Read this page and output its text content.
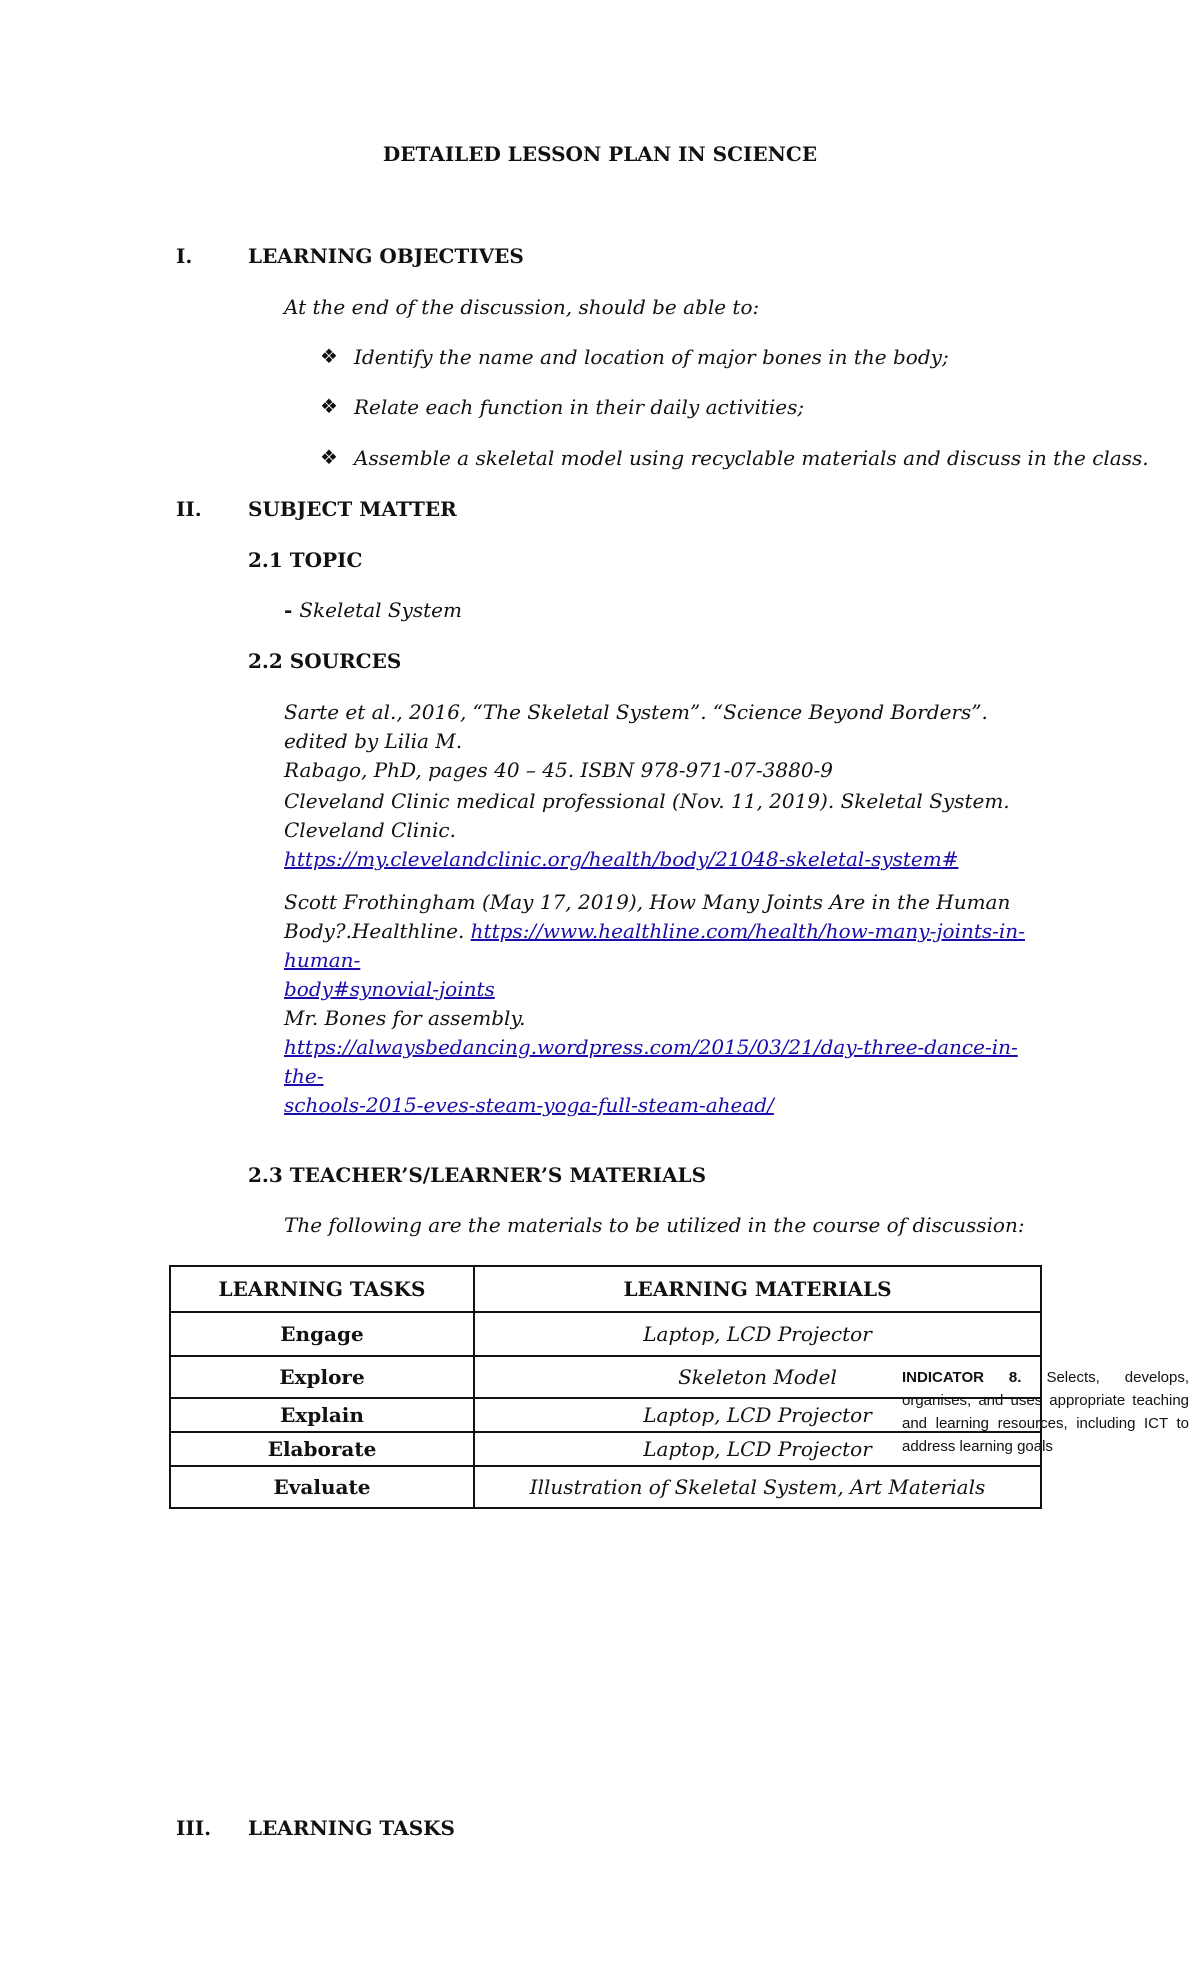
DETAILED LESSON PLAN IN SCIENCE
I.	LEARNING OBJECTIVES
At the end of the discussion, should be able to:
❖ Identify the name and location of major bones in the body;
❖ Relate each function in their daily activities;
❖ Assemble a skeletal model using recyclable materials and discuss in the class.
II. SUBJECT MATTER
2.1 TOPIC
- Skeletal System
2.2 SOURCES
Sarte et al., 2016, “The Skeletal System”. “Science Beyond Borders”. edited by Lilia M.
Rabago, PhD, pages 40 – 45. ISBN 978-971-07-3880-9
Cleveland Clinic medical professional (Nov. 11, 2019). Skeletal System. Cleveland Clinic.
https://my.clevelandclinic.org/health/body/21048-skeletal-system#
Scott Frothingham (May 17, 2019), How Many Joints Are in the Human
Body?.Healthline. https://www.healthline.com/health/how-many-joints-in-human-
body#synovial-joints
Mr. Bones for assembly.
https://alwaysbedancing.wordpress.com/2015/03/21/day-three-dance-in-the-
schools-2015-eves-steam-yoga-full-steam-ahead/
2.3 TEACHER’S/LEARNER’S MATERIALS
The following are the materials to be utilized in the course of discussion:
LEARNING TASKS	LEARNING MATERIALS
Engage	Laptop, LCD Projector
Explore	Skeleton Model
Explain	Laptop, LCD Projector
Elaborate	Laptop, LCD Projector
Evaluate	Illustration of Skeletal System, Art Materials
INDICATOR 8. Selects, develops, organises, and uses appropriate teaching and learning resources, including ICT to address learning goals
III. LEARNING TASKS
